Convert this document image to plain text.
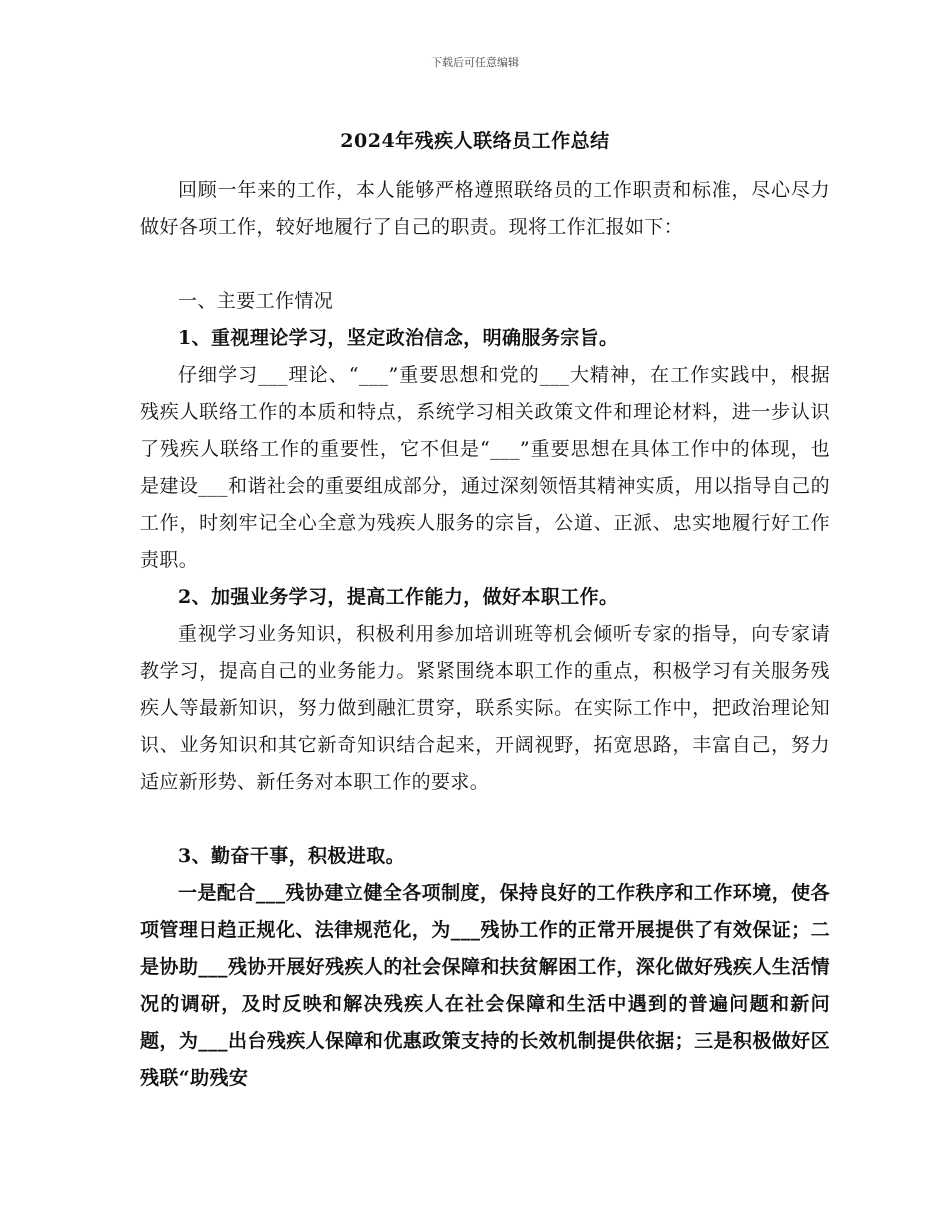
下载后可任意编辑
2024年残疾人联络员工作总结

回顾一年来的工作，本人能够严格遵照联络员的工作职责和标准，尽心尽力做好各项工作，较好地履行了自己的职责。现将工作汇报如下：

一、主要工作情况

1、重视理论学习，坚定政治信念，明确服务宗旨。

仔细学习___理论、“___”重要思想和党的___大精神，在工作实践中，根据残疾人联络工作的本质和特点，系统学习相关政策文件和理论材料，进一步认识了残疾人联络工作的重要性，它不但是“___”重要思想在具体工作中的体现，也是建设___和谐社会的重要组成部分，通过深刻领悟其精神实质，用以指导自己的工作，时刻牢记全心全意为残疾人服务的宗旨，公道、正派、忠实地履行好工作责职。

2、加强业务学习，提高工作能力，做好本职工作。

重视学习业务知识，积极利用参加培训班等机会倾听专家的指导，向专家请教学习，提高自己的业务能力。紧紧围绕本职工作的重点，积极学习有关服务残疾人等最新知识，努力做到融汇贯穿，联系实际。在实际工作中，把政治理论知识、业务知识和其它新奇知识结合起来，开阔视野，拓宽思路，丰富自己，努力适应新形势、新任务对本职工作的要求。

3、勤奋干事，积极进取。

一是配合___残协建立健全各项制度，保持良好的工作秩序和工作环境，使各项管理日趋正规化、法律规范化，为___残协工作的正常开展提供了有效保证；二是协助___残协开展好残疾人的社会保障和扶贫解困工作，深化做好残疾人生活情况的调研，及时反映和解决残疾人在社会保障和生活中遇到的普遍问题和新问题，为___出台残疾人保障和优惠政策支持的长效机制提供依据；三是积极做好区残联“助残安
